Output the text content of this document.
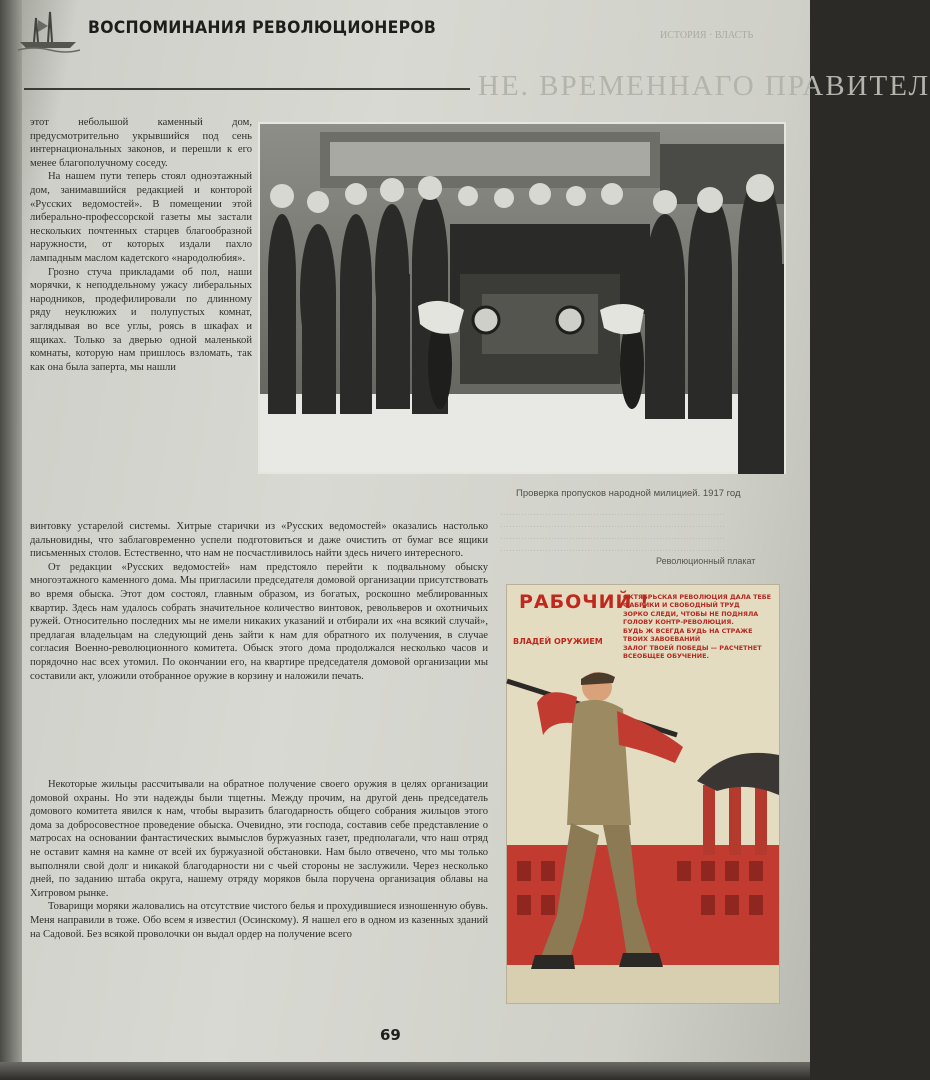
ВОСПОМИНАНИЯ РЕВОЛЮЦИОНЕРОВ	ИСТОРИЯ · ВЛАСТЬ
НЕ. ВРЕМЕННАГО ПРАВИТЕЛ

этот небольшой каменный дом, предусмотрительно укрывшийся под сень интернациональных законов, и перешли к его менее благополучному соседу.

На нашем пути теперь стоял одноэтажный дом, занимавшийся редакцией и конторой «Русских ведомостей». В помещении этой либерально-профессорской газеты мы застали нескольких почтенных старцев благообразной наружности, от которых издали пахло лампадным маслом кадетского «народолюбия».

Грозно стуча прикладами об пол, наши морячки, к неподдельному ужасу либеральных народников, продефилировали по длинному ряду неуклюжих и полупустых комнат, заглядывая во все углы, роясь в шкафах и ящиках. Только за дверью одной маленькой комнаты, которую нам пришлось взломать, так как она была заперта, мы нашли

Проверка пропусков народной милицией. 1917 год
…………………………………………………………………
…………………………………………………………………
…………………………………………………………………
…………………………………………………………………

винтовку устарелой системы. Хитрые старички из «Русских ведомостей» оказались настолько дальновидны, что заблаговременно успели подготовиться и даже очистить от бумаг все ящики письменных столов. Естественно, что нам не посчастливилось найти здесь ничего интересного.

От редакции «Русских ведомостей» нам предстояло перейти к подвальному обыску многоэтажного каменного дома. Мы пригласили председателя домовой организации присутствовать во время обыска. Этот дом состоял, главным образом, из богатых, роскошно меблированных квартир. Здесь нам удалось собрать значительное количество винтовок, револьверов и охотничьих ружей. Относительно последних мы не имели никаких указаний и отбирали их «на всякий случай», предлагая владельцам на следующий день зайти к нам для обратного их получения, в случае согласия Военно-революционного комитета. Обыск этого дома продолжался несколько часов и порядочно нас всех утомил. По окончании его, на квартире председателя домовой организации мы составили акт, уложили отобранное оружие в корзину и наложили печать.

Некоторые жильцы рассчитывали на обратное получение своего оружия в целях организации домовой охраны. Но эти надежды были тщетны. Между прочим, на другой день председатель домового комитета явился к нам, чтобы выразить благодарность общего собрания жильцов этого дома за добросовестное проведение обыска. Очевидно, эти господа, составив себе представление о матросах на основании фантастических вымыслов буржуазных газет, предполагали, что наш отряд не оставит камня на камне от всей их буржуазной обстановки. Нам было отвечено, что мы только выполняли свой долг и никакой благодарности ни с чьей стороны не заслужили. Через несколько дней, по заданию штаба округа, нашему отряду моряков была поручена организация облавы на Хитровом рынке.

Товарищи моряки жаловались на отсутствие чистого белья и прохудившиеся изношенную обувь. Меня направили в тоже. Обо всем я известил (Осинскому). Я нашел его в одном из казенных зданий на Садовой. Без всякой проволочки он выдал ордер на получение всего

Революционный плакат
РАБОЧИЙ !
ОКТЯБРЬСКАЯ РЕВОЛЮЦИЯ ДАЛА ТЕБЕ ФАБРИКИ И СВОБОДНЫЙ ТРУД
ЗОРКО СЛЕДИ, ЧТОБЫ НЕ ПОДНЯЛА ГОЛОВУ КОНТР-РЕВОЛЮЦИЯ.
БУДЬ Ж ВСЕГДА БУДЬ НА СТРАЖЕ ТВОИХ ЗАВОЕВАНИЙ
ЗАЛОГ ТВОЕЙ ПОБЕДЫ — РАСЧЕТНЕТ ВСЕОБЩЕЕ ОБУЧЕНИЕ.
ВЛАДЕЙ ОРУЖИЕМ
69
